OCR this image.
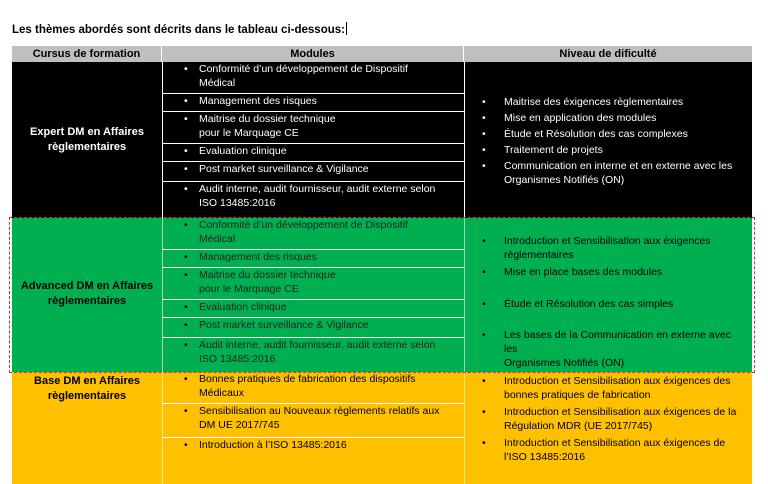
Les thèmes abordés sont décrits dans le tableau ci-dessous:
Cursus de formation	Modules	Niveau de dificulté
Expert DM en Affaires
règlementaires
• Conformité d’un développement de Dispositif
Médical
• Management des risques
• Maitrise du dossier technique
pour le Marquage CE
• Evaluation clinique
• Post market surveillance & Vigilance
• Audit interne, audit fournisseur, audit externe selon
ISO 13485:2016
• Maitrise des éxigences règlementaires
• Mise en application des modules
• Étude et Résolution des cas complexes
• Traitement de projets
• Communication en interne et en externe avec les
Organismes Notifiés (ON)
Advanced DM en Affaires
règlementaires
• Conformité d’un développement de Dispositif
Médical
• Management des risques
• Maitrise du dossier technique
pour le Marquage CE
• Evaluation clinique
• Post market surveillance & Vigilance
• Audit interne, audit fournisseur, audit externe selon
ISO 13485:2016
• Introduction et Sensibilisation aux éxigences
règlementaires
• Mise en place bases des modules
• Étude et Résolution des cas simples
• Les bases de la Communication en externe avec les
Organismes Notifiés (ON)
Base DM en Affaires
règlementaires
• Bonnes pratiques de fabrication des dispositifs
Médicaux
• Sensibilisation au Nouveaux règlements relatifs aux
DM UE 2017/745
• Introduction à l’ISO 13485:2016
• Introduction et Sensibilisation aux éxigences des
bonnes pratiques de fabrication
• Introduction et Sensibilisation aux éxigences de la
Régulation MDR (UE 2017/745)
• Introduction et Sensibilisation aux éxigences de
l’ISO 13485:2016
